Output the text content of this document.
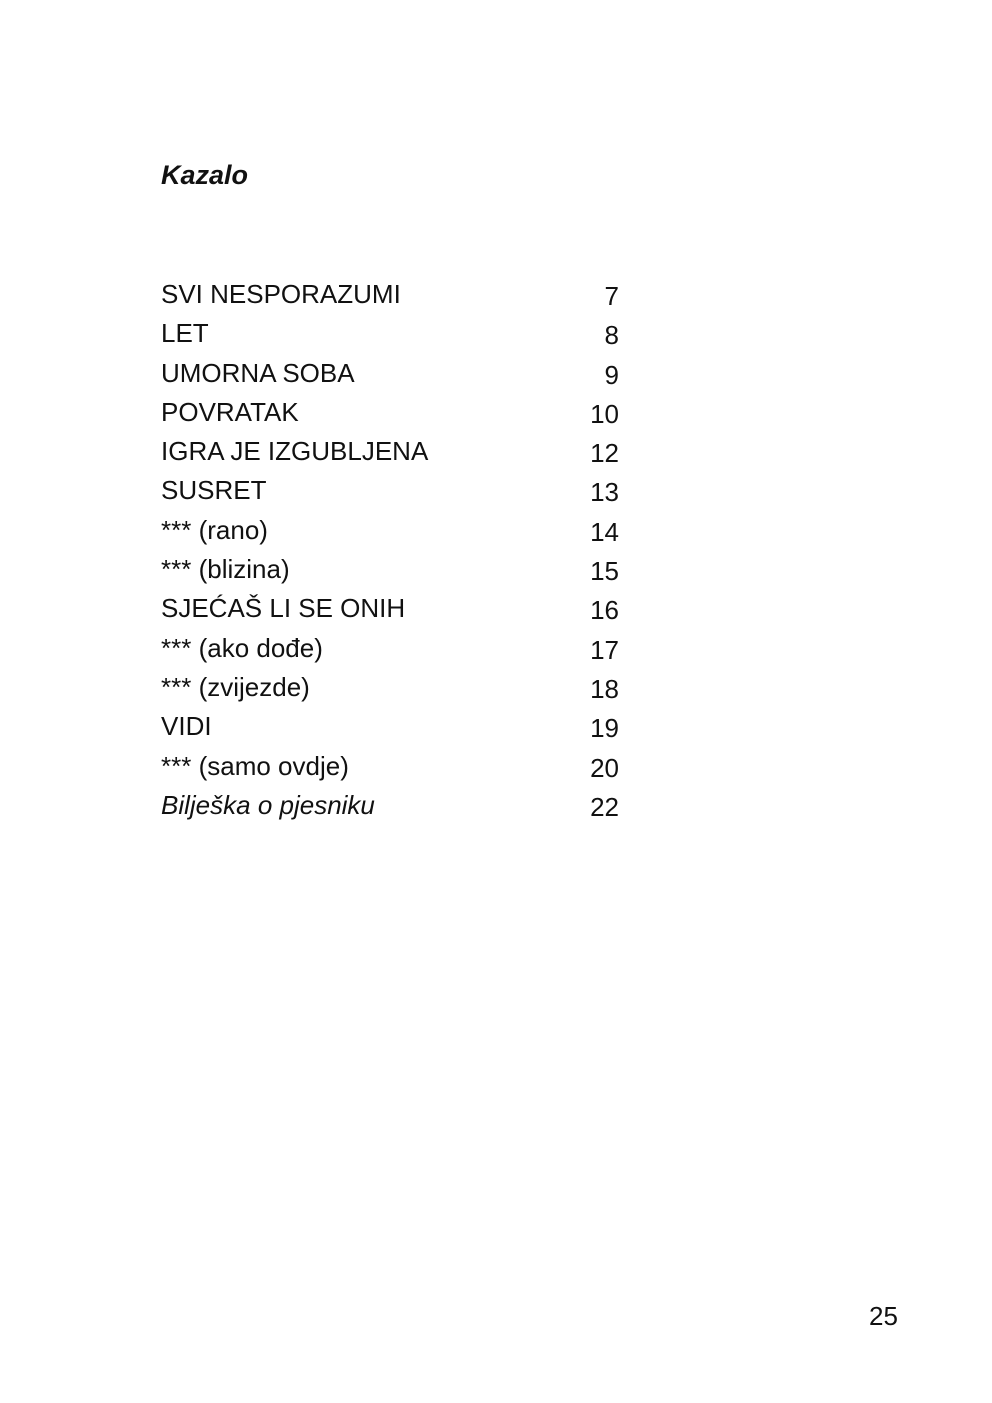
Kazalo
SVI NESPORAZUMI	7
LET	8
UMORNA SOBA	9
POVRATAK	10
IGRA JE IZGUBLJENA	12
SUSRET	13
*** (rano)	14
*** (blizina)	15
SJEĆAŠ LI SE ONIH	16
*** (ako dođe)	17
*** (zvijezde)	18
VIDI	19
*** (samo ovdje)	20
Bilješka o pjesniku	22
25
